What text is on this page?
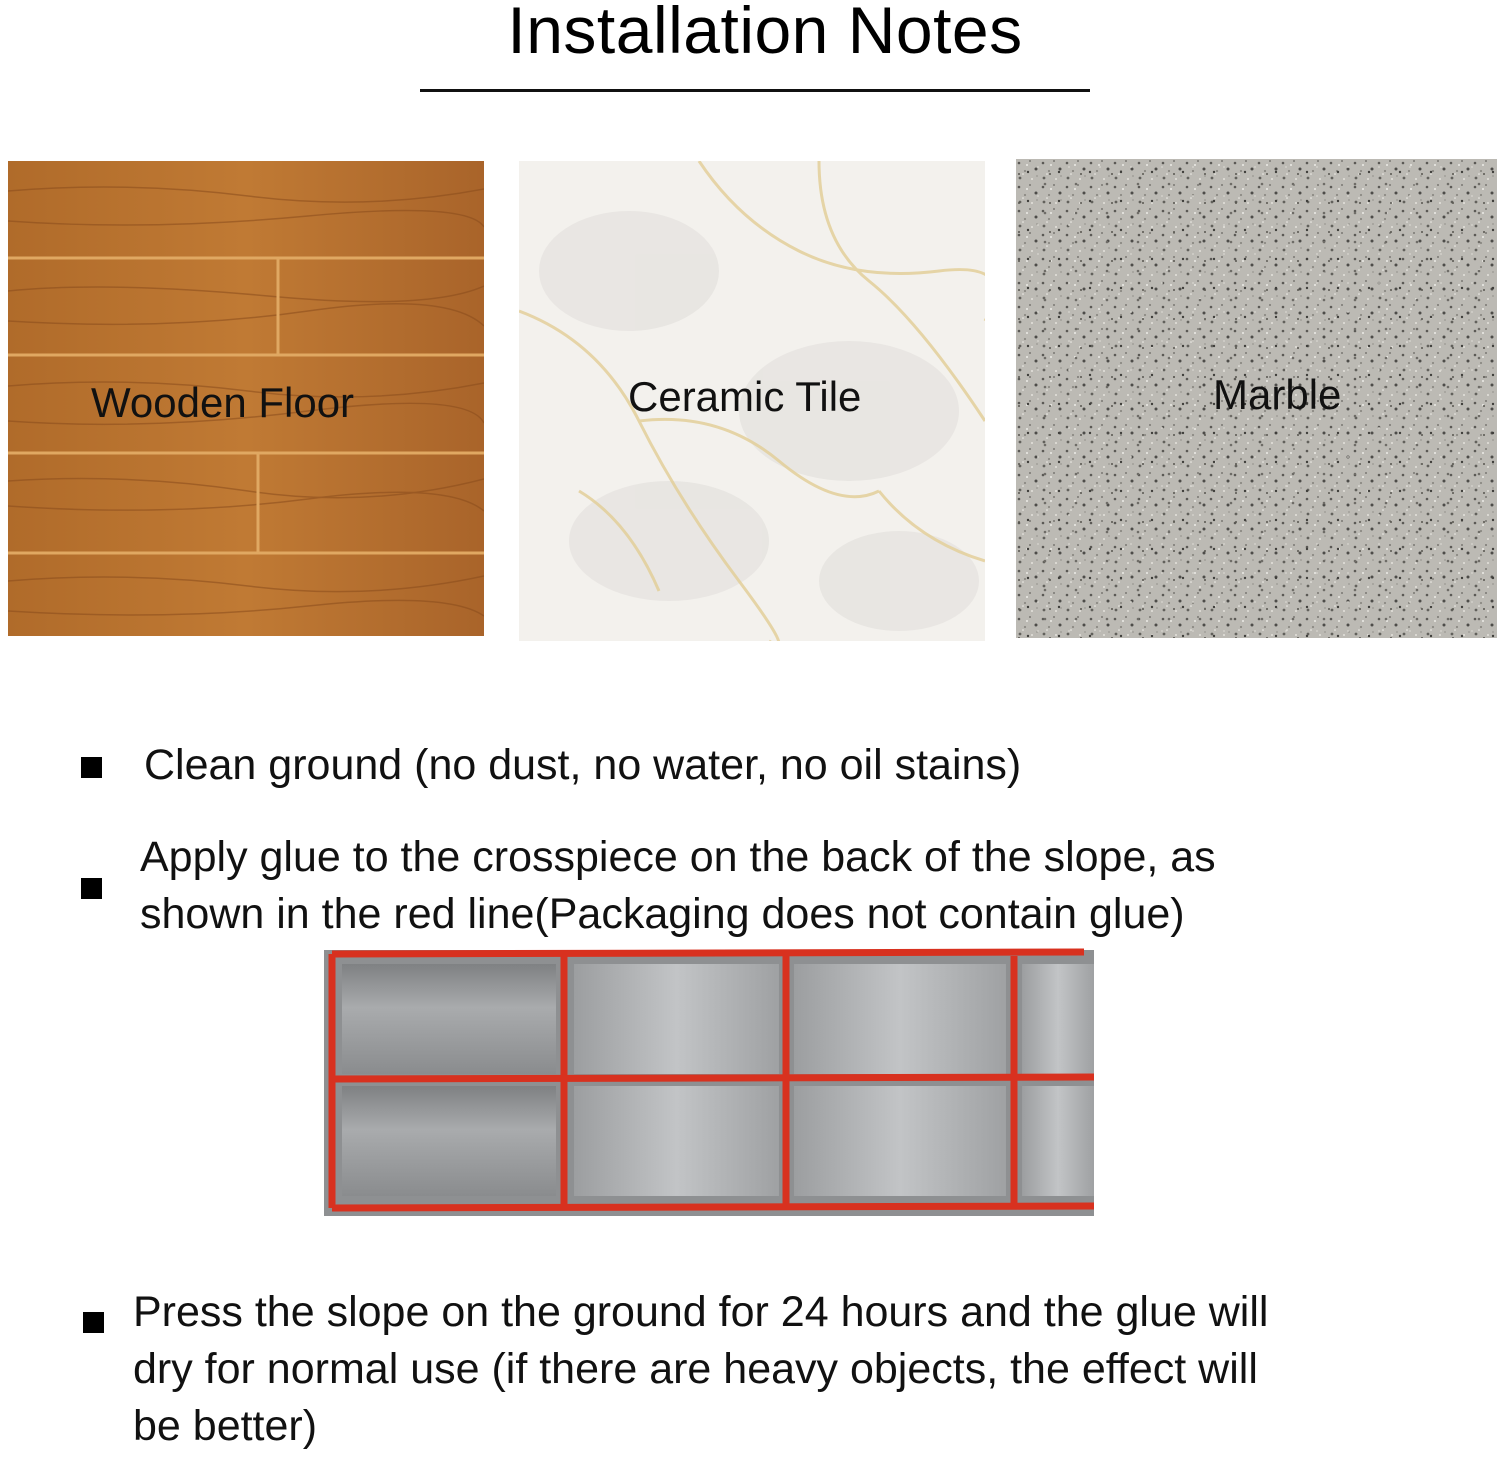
Installation Notes
Wooden Floor	Ceramic Tile	Marble
Clean ground (no dust, no water, no oil stains)
Apply glue to the crosspiece on the back of the slope, as
shown in the red line(Packaging does not contain glue)
Press the slope on the ground for 24 hours and the glue will
dry for normal use (if there are heavy objects, the effect will
be better)
